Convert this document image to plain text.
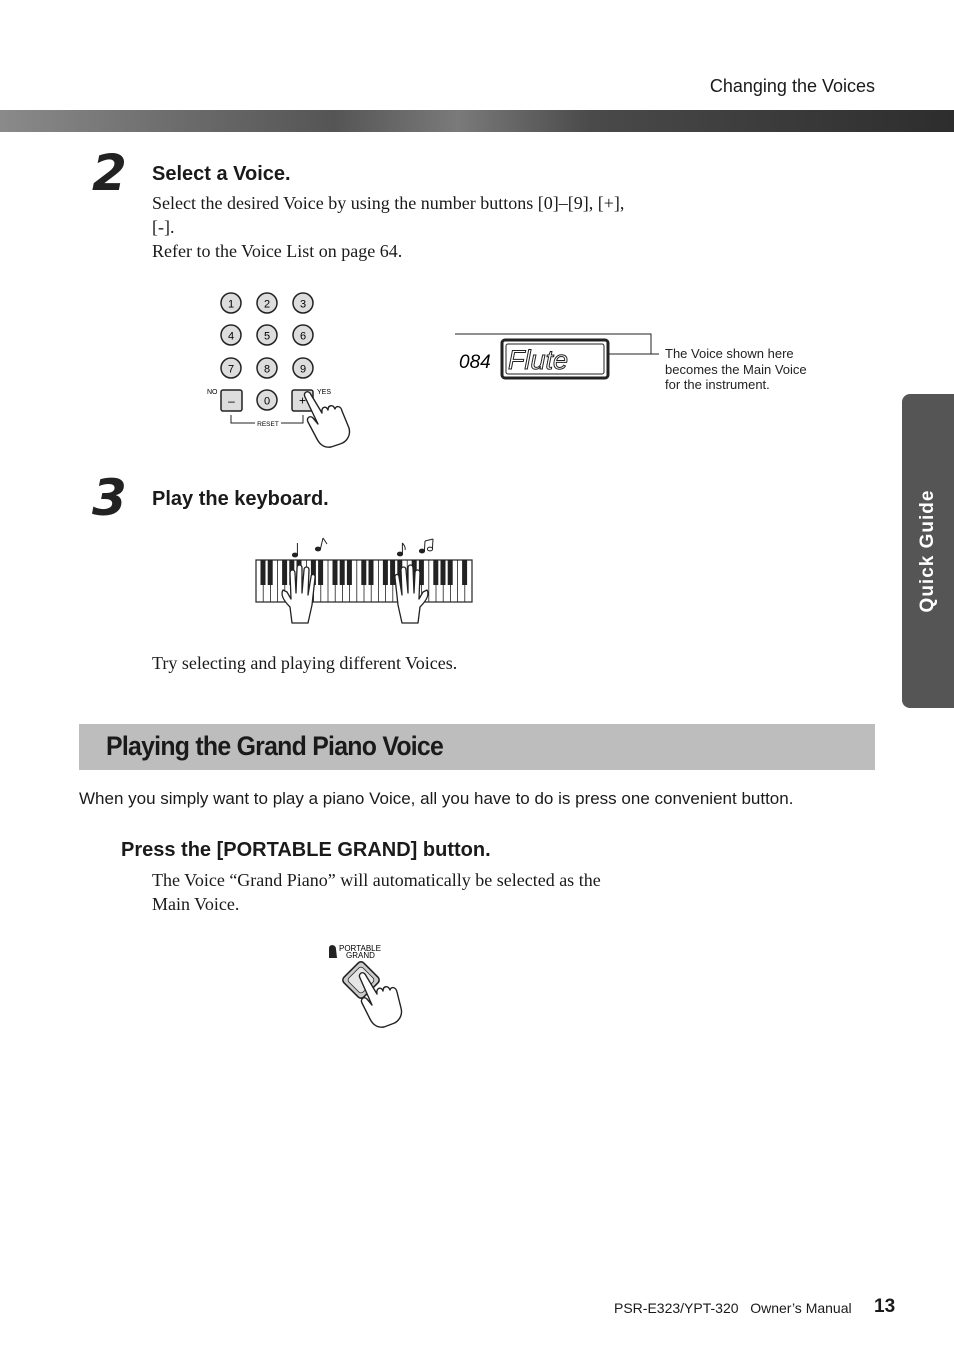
Changing the Voices
Quick Guide
2 Select a Voice.
Select the desired Voice by using the number buttons [0]–[9], [+],
[-].
Refer to the Voice List on page 64.
1	2	3
4	5	6
7	8	9
–	0 +
NO	YES
RESET
084 Flute	The Voice shown here
becomes the Main Voice
for the instrument.
3 Play the keyboard.
Try selecting and playing different Voices.
Playing the Grand Piano Voice
When you simply want to play a piano Voice, all you have to do is press one convenient button.
Press the [PORTABLE GRAND] button.
The Voice “Grand Piano” will automatically be selected as the
Main Voice.
PORTABLE
GRAND
PSR-E323/YPT-320 Owner’s Manual 13
